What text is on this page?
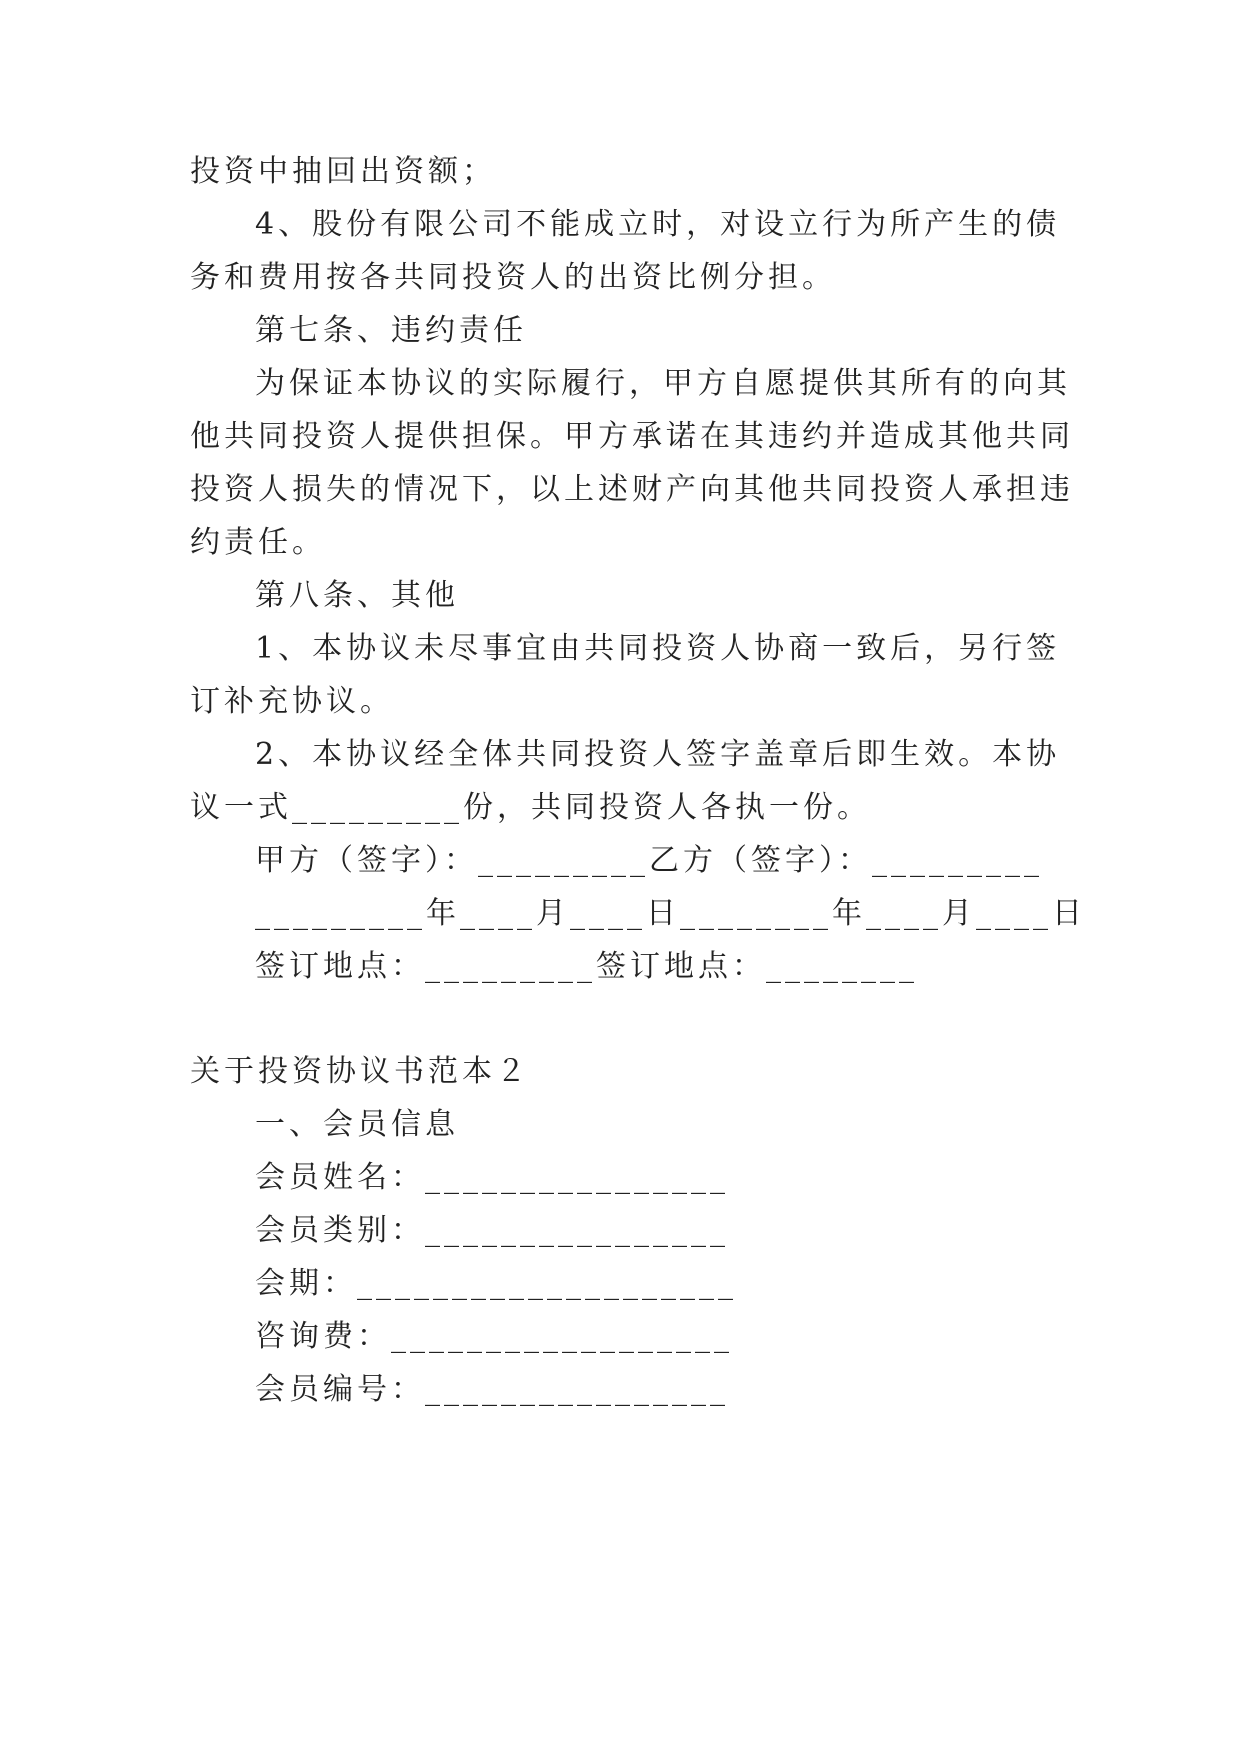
投资中抽回出资额；
4、股份有限公司不能成立时，对设立行为所产生的债
务和费用按各共同投资人的出资比例分担。
第七条、违约责任
为保证本协议的实际履行，甲方自愿提供其所有的向其
他共同投资人提供担保。甲方承诺在其违约并造成其他共同
投资人损失的情况下，以上述财产向其他共同投资人承担违
约责任。
第八条、其他
1、本协议未尽事宜由共同投资人协商一致后，另行签
订补充协议。
2、本协议经全体共同投资人签字盖章后即生效。本协
议一式_________份，共同投资人各执一份。
甲方（签字）：_________乙方（签字）：_________
_________年____月____日________年____月____日
签订地点：_________签订地点：________
关于投资协议书范本２
一、会员信息
会员姓名：________________
会员类别：________________
会期：____________________
咨询费：__________________
会员编号：________________
